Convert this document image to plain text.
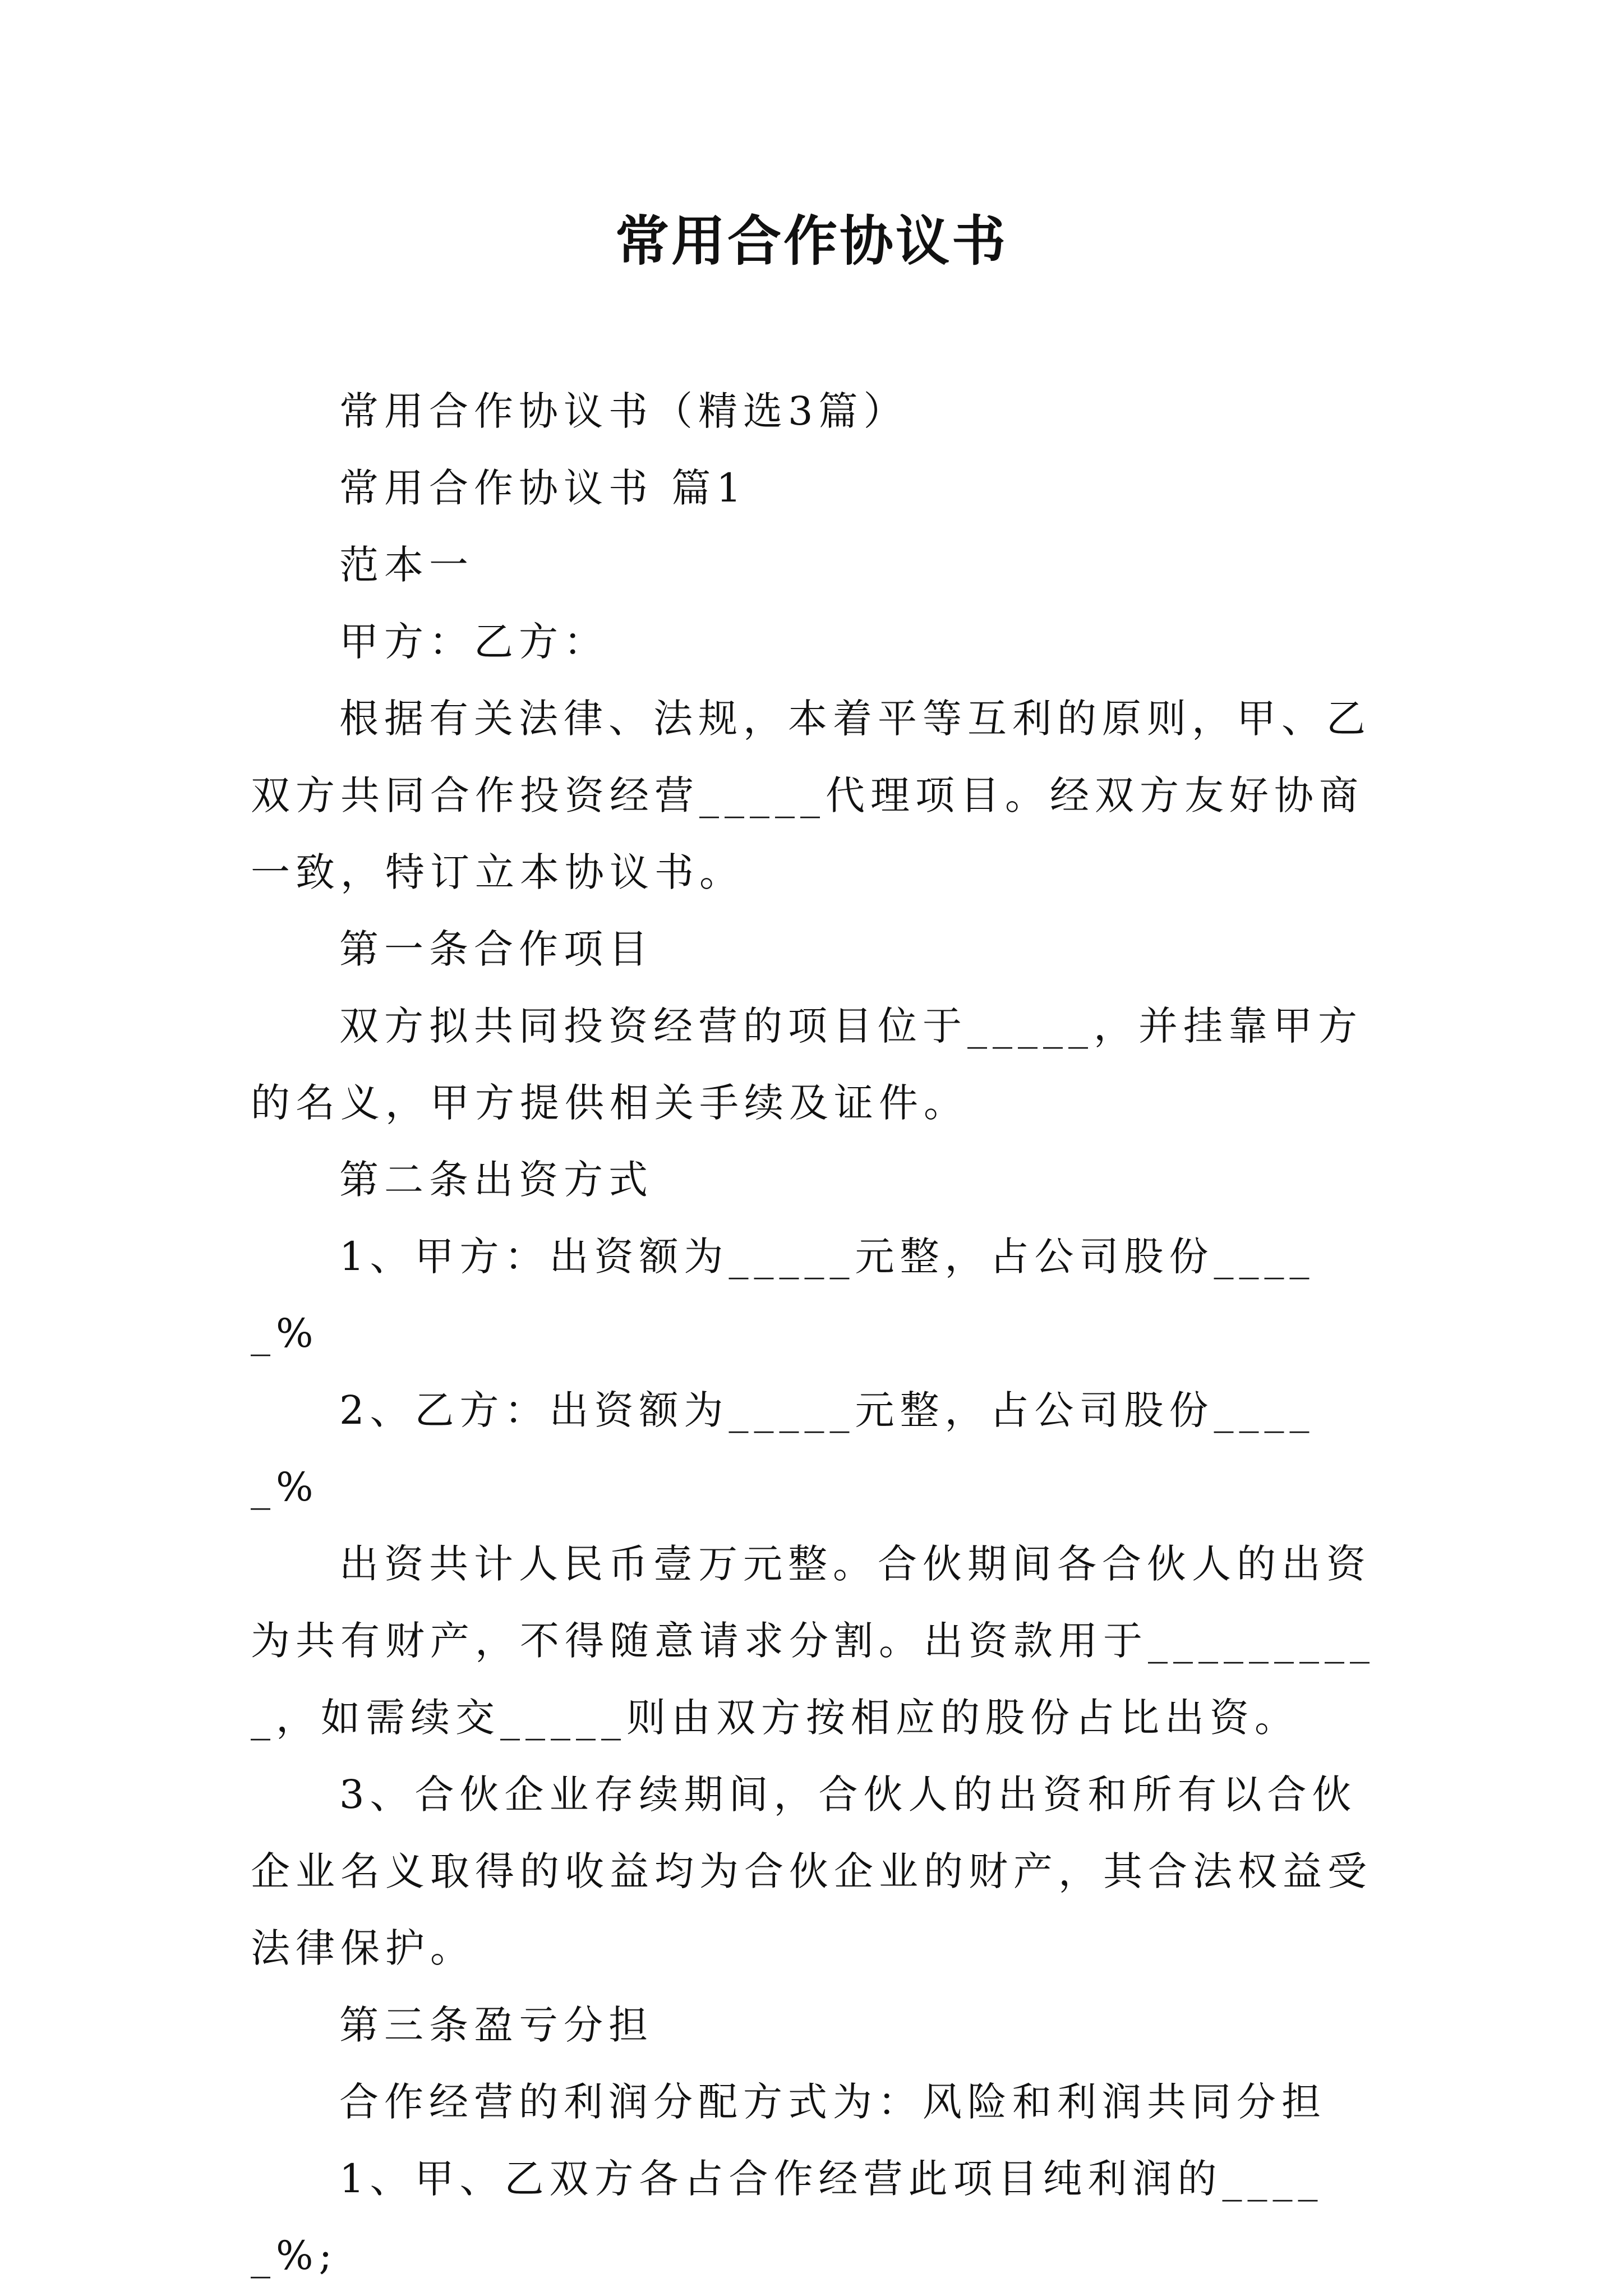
常用合作协议书

常用合作协议书（精选3篇）

常用合作协议书 篇1

范本一

甲方：乙方：

根据有关法律、法规，本着平等互利的原则，甲、乙双方共同合作投资经营_____代理项目。经双方友好协商一致，特订立本协议书。

第一条合作项目

双方拟共同投资经营的项目位于_____，并挂靠甲方的名义，甲方提供相关手续及证件。

第二条出资方式

1、甲方：出资额为_____元整，占公司股份_____%

2、乙方：出资额为_____元整，占公司股份_____%

出资共计人民币壹万元整。合伙期间各合伙人的出资为共有财产，不得随意请求分割。出资款用于__________，如需续交_____则由双方按相应的股份占比出资。

3、合伙企业存续期间，合伙人的出资和所有以合伙企业名义取得的收益均为合伙企业的财产，其合法权益受法律保护。

第三条盈亏分担

合作经营的利润分配方式为：风险和利润共同分担

1、甲、乙双方各占合作经营此项目纯利润的_____%;
